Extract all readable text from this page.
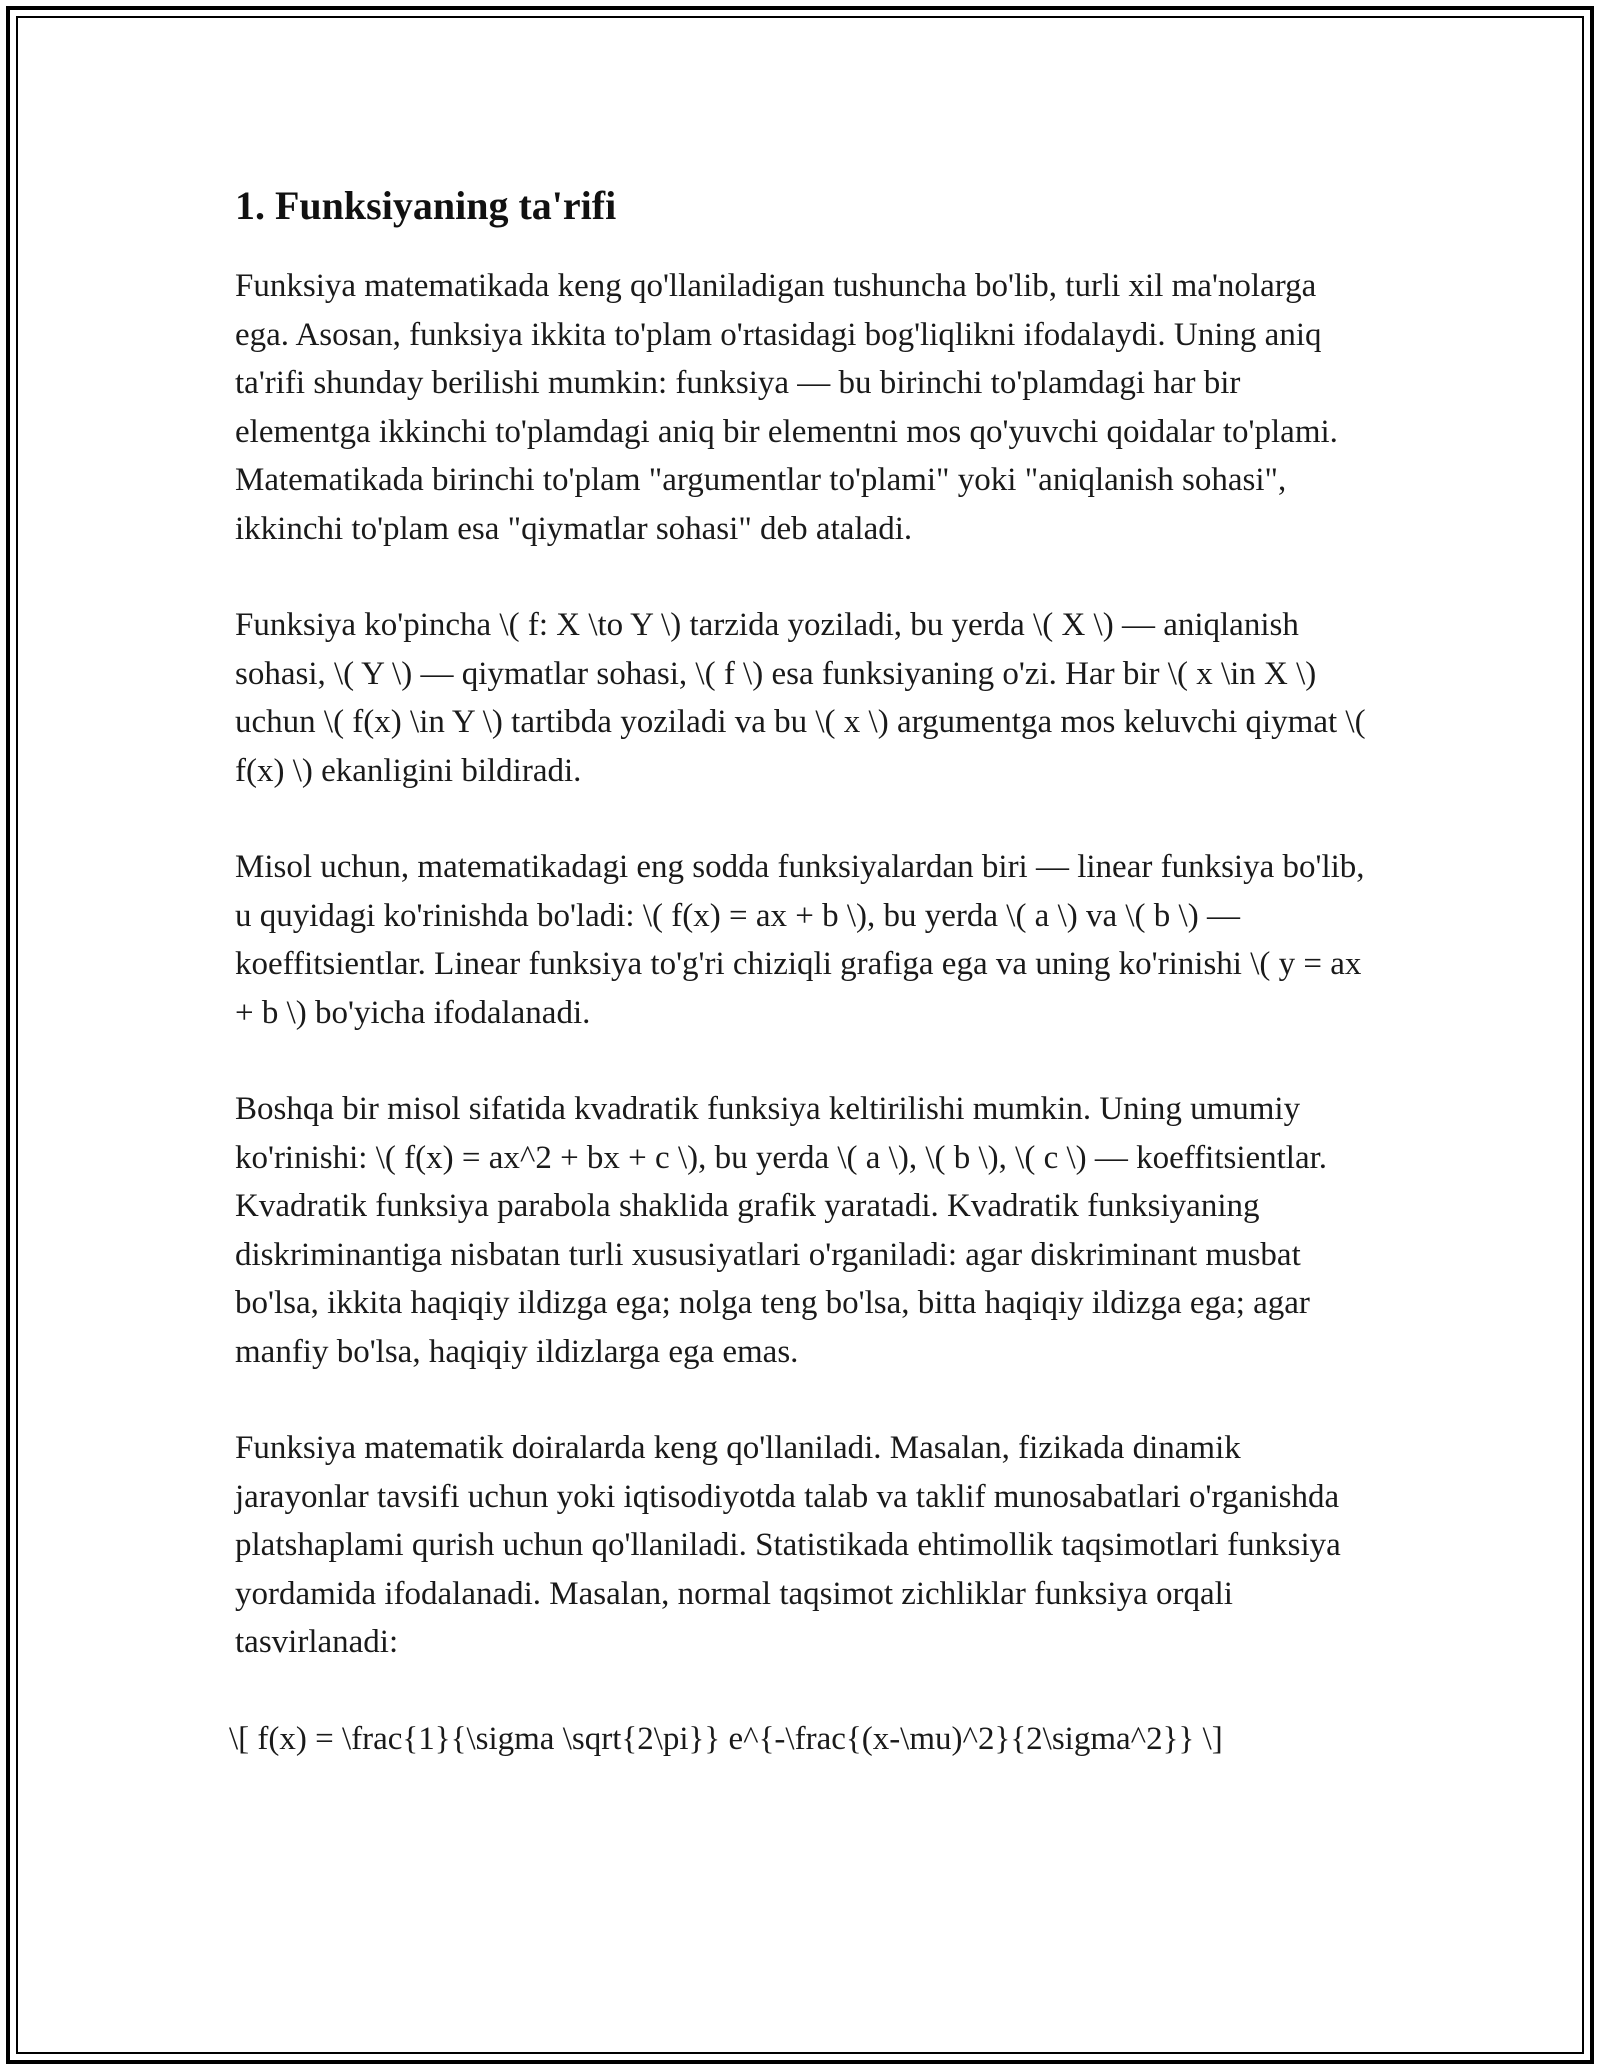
1. Funksiyaning ta'rifi

Funksiya matematikada keng qo'llaniladigan tushuncha bo'lib, turli xil ma'nolarga ega. Asosan, funksiya ikkita to'plam o'rtasidagi bog'liqlikni ifodalaydi. Uning aniq ta'rifi shunday berilishi mumkin: funksiya — bu birinchi to'plamdagi har bir elementga ikkinchi to'plamdagi aniq bir elementni mos qo'yuvchi qoidalar to'plami. Matematikada birinchi to'plam "argumentlar to'plami" yoki "aniqlanish sohasi", ikkinchi to'plam esa "qiymatlar sohasi" deb ataladi.

Funksiya ko'pincha \( f: X \to Y \) tarzida yoziladi, bu yerda \( X \) — aniqlanish sohasi, \( Y \) — qiymatlar sohasi, \( f \) esa funksiyaning o'zi. Har bir \( x \in X \) uchun \( f(x) \in Y \) tartibda yoziladi va bu \( x \) argumentga mos keluvchi qiymat \( f(x) \) ekanligini bildiradi.

Misol uchun, matematikadagi eng sodda funksiyalardan biri — linear funksiya bo'lib, u quyidagi ko'rinishda bo'ladi: \( f(x) = ax + b \), bu yerda \( a \) va \( b \) — koeffitsientlar. Linear funksiya to'g'ri chiziqli grafiga ega va uning ko'rinishi \( y = ax + b \) bo'yicha ifodalanadi.

Boshqa bir misol sifatida kvadratik funksiya keltirilishi mumkin. Uning umumiy ko'rinishi: \( f(x) = ax^2 + bx + c \), bu yerda \( a \), \( b \), \( c \) — koeffitsientlar. Kvadratik funksiya parabola shaklida grafik yaratadi. Kvadratik funksiyaning diskriminantiga nisbatan turli xususiyatlari o'rganiladi: agar diskriminant musbat bo'lsa, ikkita haqiqiy ildizga ega; nolga teng bo'lsa, bitta haqiqiy ildizga ega; agar manfiy bo'lsa, haqiqiy ildizlarga ega emas.

Funksiya matematik doiralarda keng qo'llaniladi. Masalan, fizikada dinamik jarayonlar tavsifi uchun yoki iqtisodiyotda talab va taklif munosabatlari o'rganishda platshaplami qurish uchun qo'llaniladi. Statistikada ehtimollik taqsimotlari funksiya yordamida ifodalanadi. Masalan, normal taqsimot zichliklar funksiya orqali tasvirlanadi:

\[ f(x) = \frac{1}{\sigma \sqrt{2\pi}} e^{-\frac{(x-\mu)^2}{2\sigma^2}} \]
